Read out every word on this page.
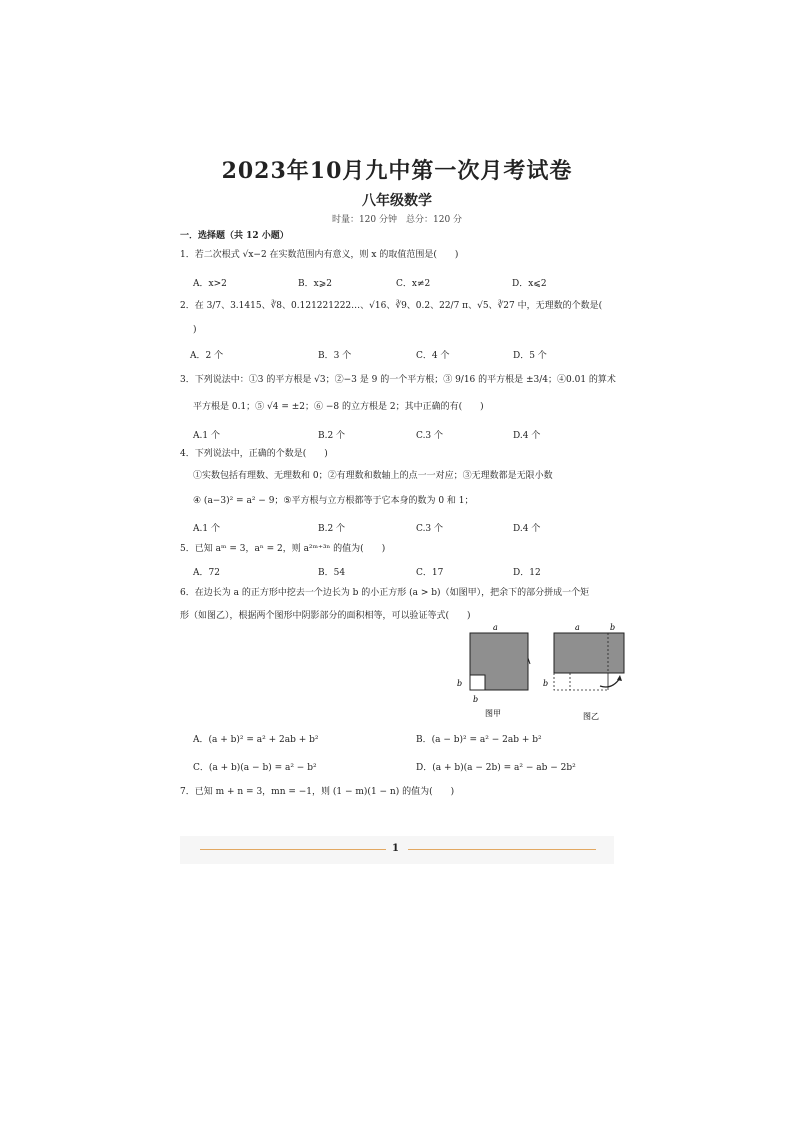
2023年10月九中第一次月考试卷
八年级数学
时量：120 分钟　总分：120 分
一．选择题（共 12 小题）
1．若二次根式 √x−2 在实数范围内有意义，则 x 的取值范围是(　　)
A．x>2	B．x⩾2	C．x≠2	D．x⩽2
2．在 3/7、3.1415、∛8、0.121221222…、√16、∛9、0.2、22/7 π、√5、∛27 中，无理数的个数是(
)
A．2 个	B．3 个	C．4 个	D．5 个
3．下列说法中：①3 的平方根是 √3；②−3 是 9 的一个平方根；③ 9/16 的平方根是 ±3/4；④0.01 的算术
平方根是 0.1；⑤ √4 = ±2；⑥ −8 的立方根是 2；其中正确的有(　　)
A.1 个	B.2 个	C.3 个	D.4 个
4．下列说法中，正确的个数是(　　)
①实数包括有理数、无理数和 0；②有理数和数轴上的点一一对应；③无理数都是无限小数
④ (a−3)² = a² − 9；⑤平方根与立方根都等于它本身的数为 0 和 1；
A.1 个	B.2 个	C.3 个	D.4 个
5．已知 aᵐ = 3，aⁿ = 2，则 a²ᵐ⁺³ⁿ 的值为(　　)
A．72	B．54	C．17	D．12
6．在边长为 a 的正方形中挖去一个边长为 b 的小正方形 (a > b)（如图甲），把余下的部分拼成一个矩
形（如图乙），根据两个图形中阴影部分的面积相等，可以验证等式(　　)
a
b
b
图甲
a	b
b
图乙
A．(a + b)² = a² + 2ab + b²	B．(a − b)² = a² − 2ab + b²
C．(a + b)(a − b) = a² − b²	D．(a + b)(a − 2b) = a² − ab − 2b²
7．已知 m + n = 3，mn = −1，则 (1 − m)(1 − n) 的值为(　　)
1
